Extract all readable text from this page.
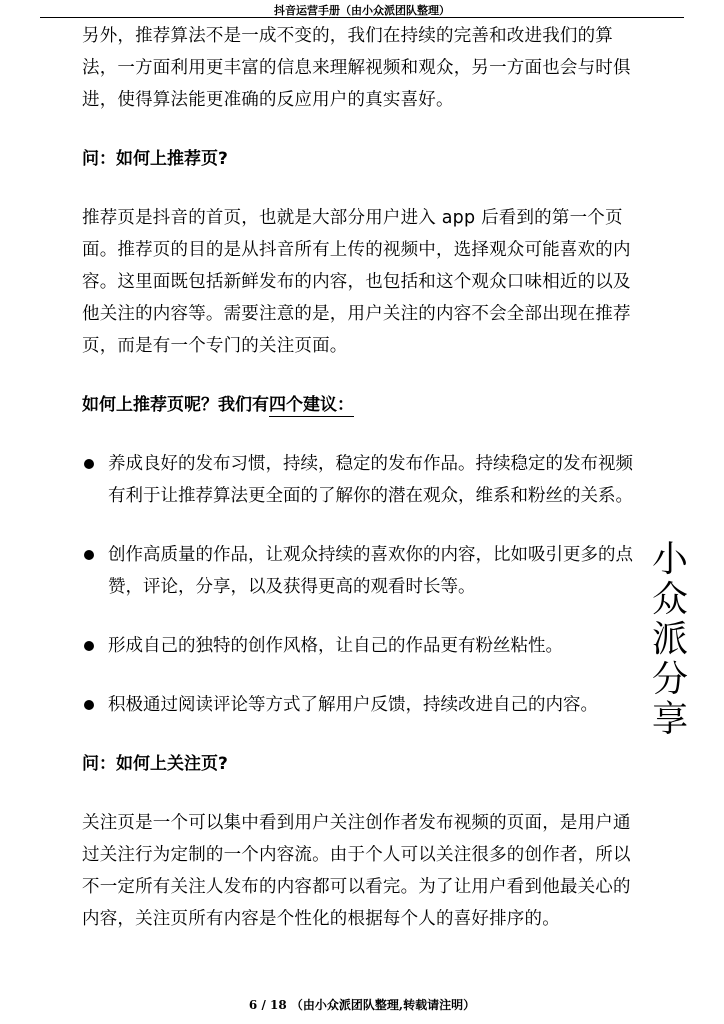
抖音运营手册（由小众派团队整理）

另外，推荐算法不是一成不变的，我们在持续的完善和改进我们的算法，一方面利用更丰富的信息来理解视频和观众，另一方面也会与时俱进，使得算法能更准确的反应用户的真实喜好。

问：如何上推荐页?

推荐页是抖音的首页，也就是大部分用户进入 app 后看到的第一个页面。推荐页的目的是从抖音所有上传的视频中，选择观众可能喜欢的内容。这里面既包括新鲜发布的内容，也包括和这个观众口味相近的以及他关注的内容等。需要注意的是，用户关注的内容不会全部出现在推荐页，而是有一个专门的关注页面。

如何上推荐页呢？我们有四个建议：
养成良好的发布习惯，持续，稳定的发布作品。持续稳定的发布视频有利于让推荐算法更全面的了解你的潜在观众，维系和粉丝的关系。
创作高质量的作品，让观众持续的喜欢你的内容，比如吸引更多的点赞，评论，分享，以及获得更高的观看时长等。
形成自己的独特的创作风格，让自己的作品更有粉丝粘性。
积极通过阅读评论等方式了解用户反馈，持续改进自己的内容。
问：如何上关注页?

关注页是一个可以集中看到用户关注创作者发布视频的页面，是用户通过关注行为定制的一个内容流。由于个人可以关注很多的创作者，所以不一定所有关注人发布的内容都可以看完。为了让用户看到他最关心的内容，关注页所有内容是个性化的根据每个人的喜好排序的。

小
众
派
分
享
6 / 18 （由小众派团队整理,转载请注明）
